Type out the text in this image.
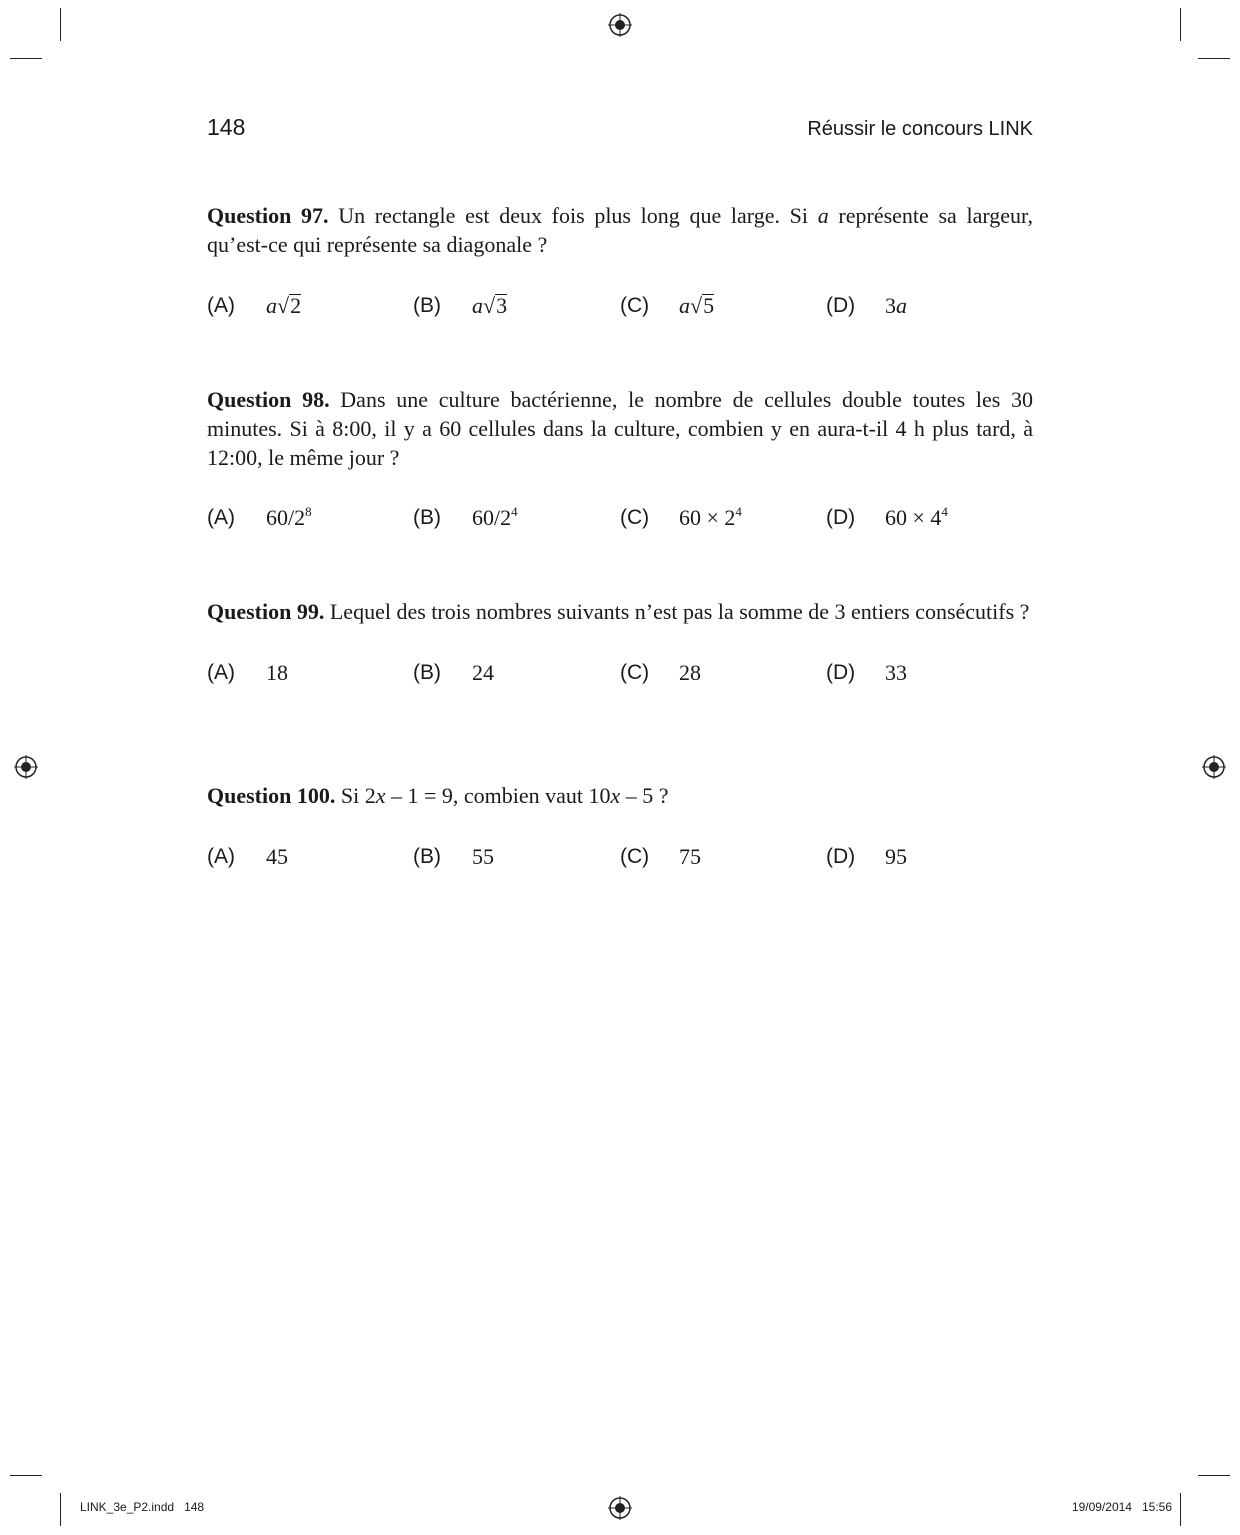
148	Réussir le concours LINK

Question 97. Un rectangle est deux fois plus long que large. Si a représente sa largeur, qu’est-ce qui représente sa diagonale ?

(A) a√2	(B) a√3	(C) a√5	(D) 3a

Question 98. Dans une culture bactérienne, le nombre de cellules double toutes les 30 minutes. Si à 8:00, il y a 60 cellules dans la culture, combien y en aura-t-il 4 h plus tard, à 12:00, le même jour ?

(A) $60/2^8$	(B) $60/2^4$	(C) $60 \times 2^4$	(D) $60 \times 4^4$

Question 99. Lequel des trois nombres suivants n’est pas la somme de 3 entiers consécutifs ?

(A) 18	(B) 24	(C) 28	(D) 33

Question 100. Si 2x – 1 = 9, combien vaut 10x – 5 ?

(A) 45	(B) 55	(C) 75	(D) 95
LINK_3e_P2.indd   148	19/09/2014   15:56
